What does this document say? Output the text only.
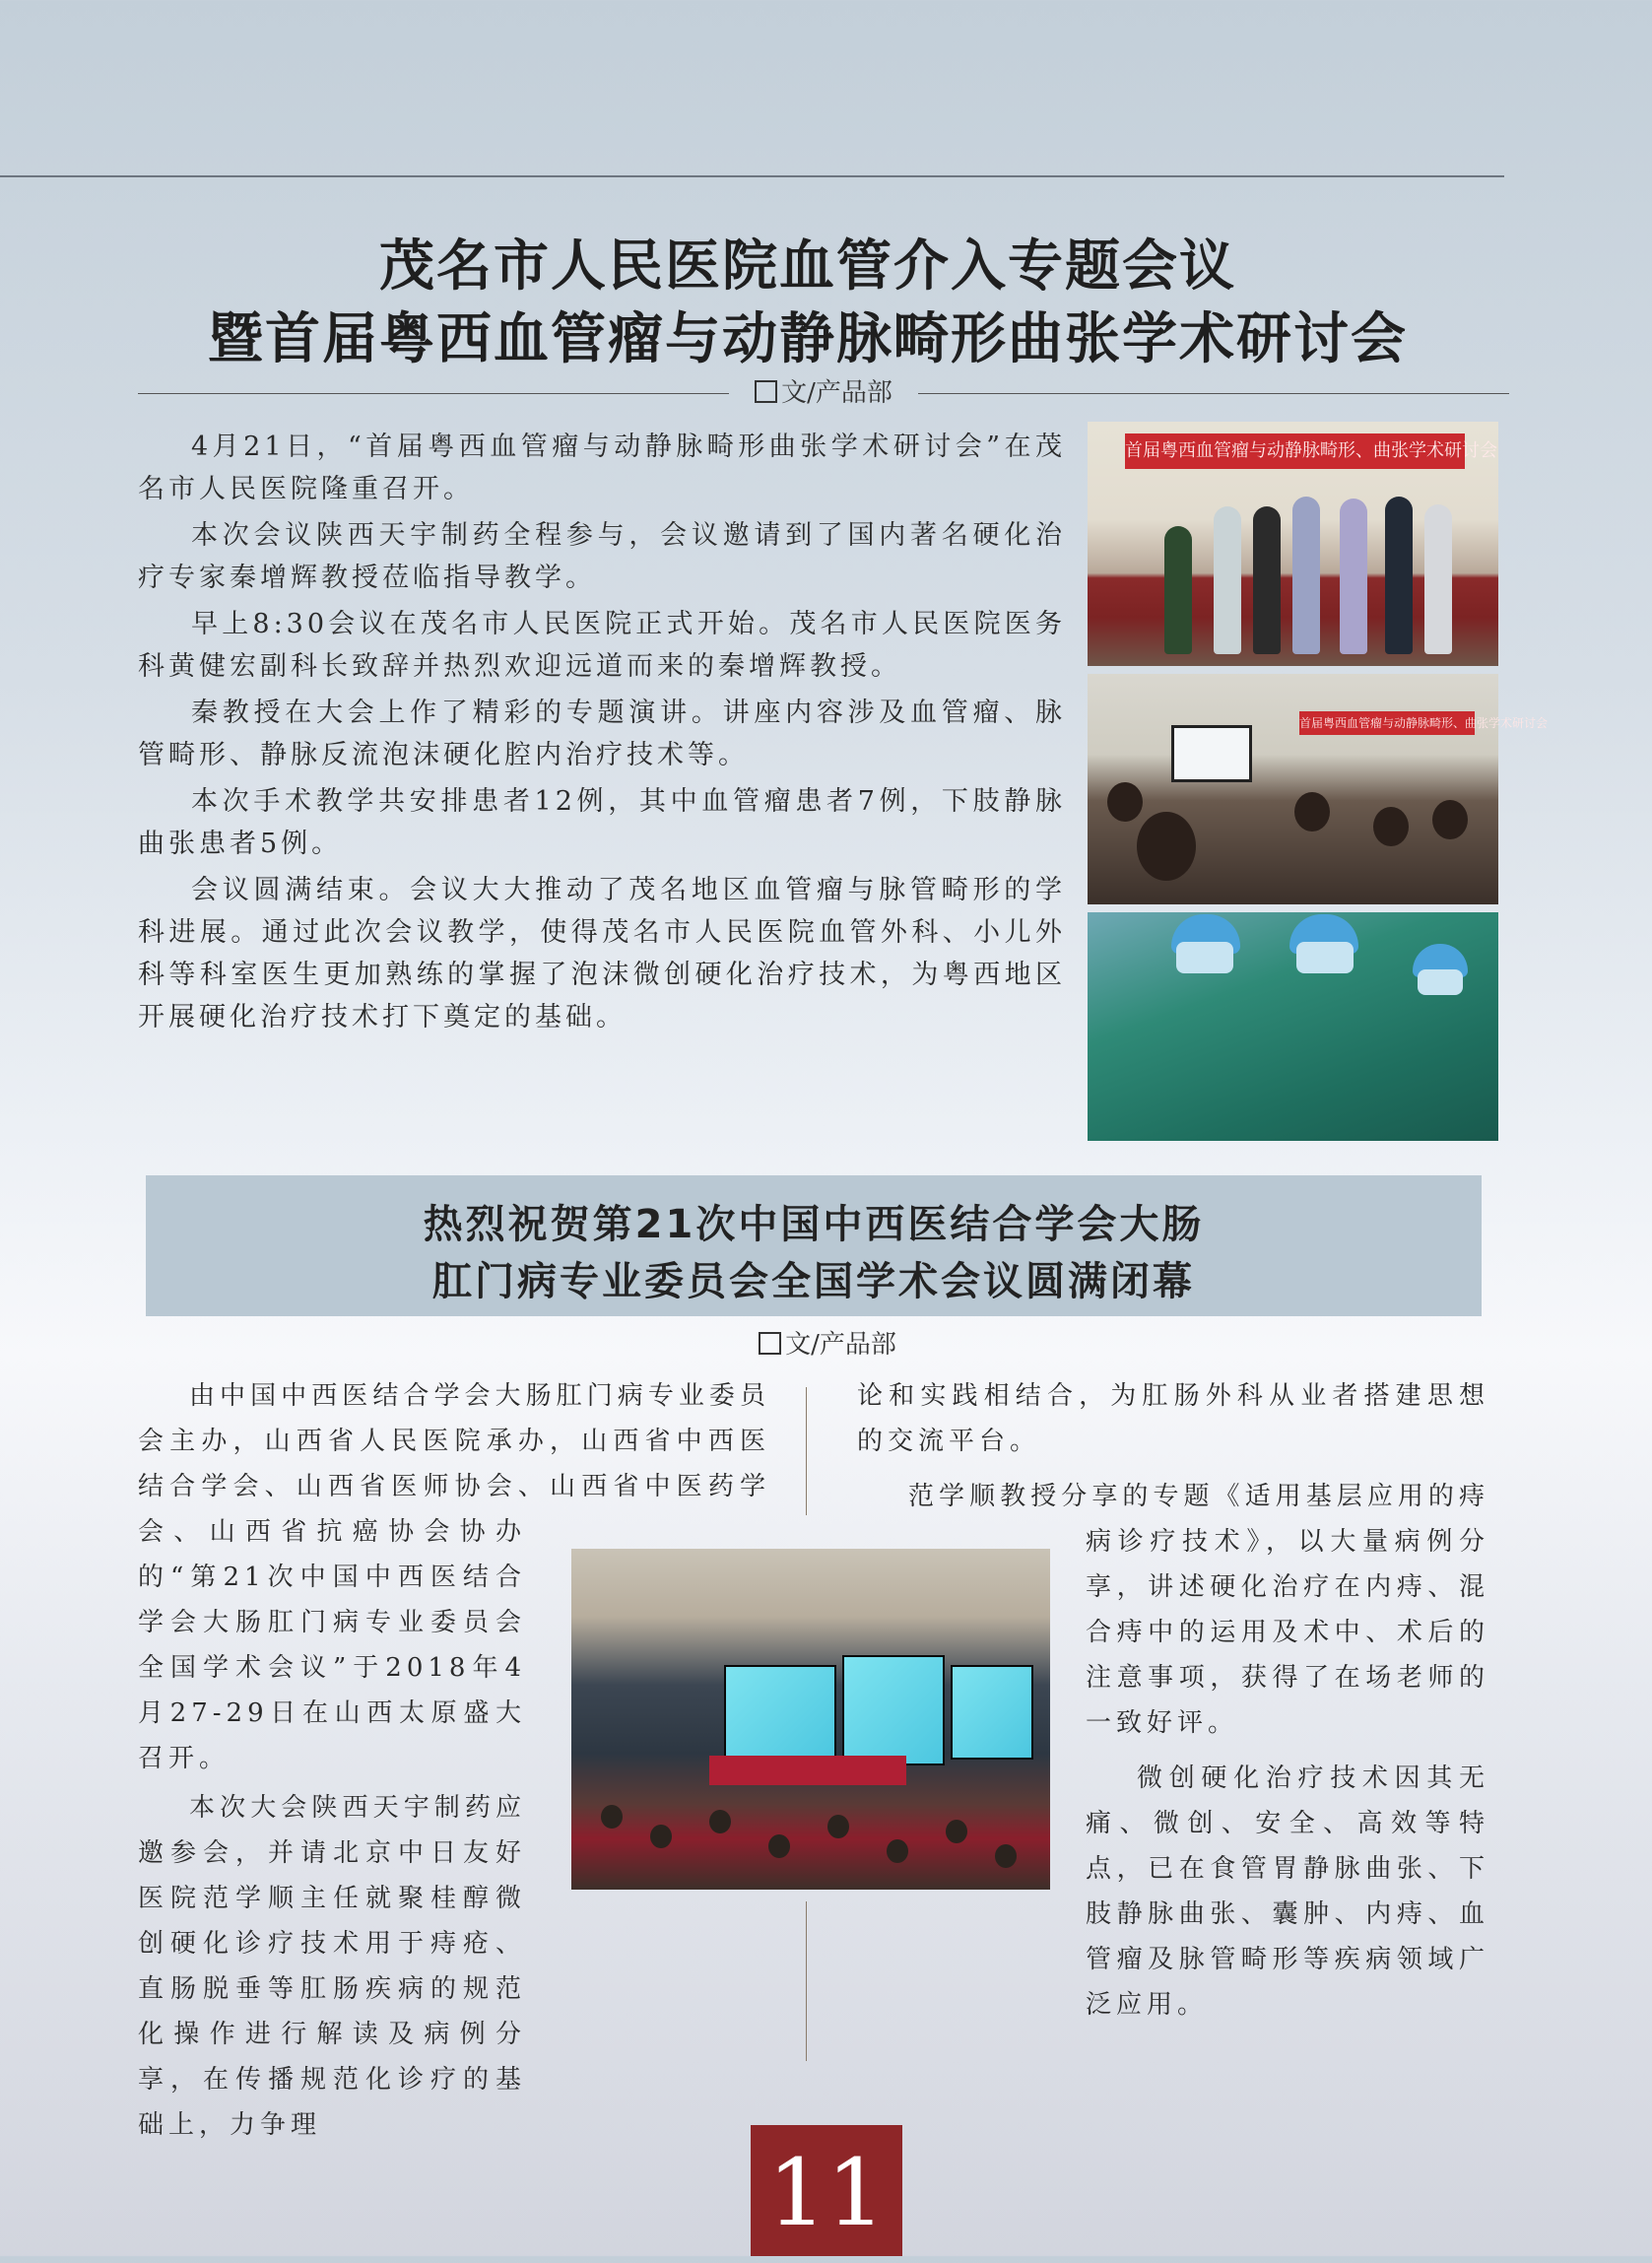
茂名市人民医院血管介入专题会议
暨首届粤西血管瘤与动静脉畸形曲张学术研讨会
文/产品部

4月21日，“首届粤西血管瘤与动静脉畸形曲张学术研讨会”在茂名市人民医院隆重召开。

本次会议陕西天宇制药全程参与，会议邀请到了国内著名硬化治疗专家秦增辉教授莅临指导教学。

早上8:30会议在茂名市人民医院正式开始。茂名市人民医院医务科黄健宏副科长致辞并热烈欢迎远道而来的秦增辉教授。

秦教授在大会上作了精彩的专题演讲。讲座内容涉及血管瘤、脉管畸形、静脉反流泡沫硬化腔内治疗技术等。

本次手术教学共安排患者12例，其中血管瘤患者7例，下肢静脉曲张患者5例。

会议圆满结束。会议大大推动了茂名地区血管瘤与脉管畸形的学科进展。通过此次会议教学，使得茂名市人民医院血管外科、小儿外科等科室医生更加熟练的掌握了泡沫微创硬化治疗技术，为粤西地区开展硬化治疗技术打下奠定的基础。

首届粤西血管瘤与动静脉畸形、曲张学术研讨会
首届粤西血管瘤与动静脉畸形、曲张学术研讨会
热烈祝贺第21次中国中西医结合学会大肠
肛门病专业委员会全国学术会议圆满闭幕
文/产品部

由中国中西医结合学会大肠肛门病专业委员会主办，山西省人民医院承办，山西省中西医结合学会、山西省医师协会、山西省中医药学会、山西省抗癌协会协办的“第21次中国中西医结合学会大肠肛门病专业委员会全国学术会议”于2018年4月27-29日在山西太原盛大召开。

本次大会陕西天宇制药应邀参会，并请北京中日友好医院范学顺主任就聚桂醇微创硬化诊疗技术用于痔疮、直肠脱垂等肛肠疾病的规范化操作进行解读及病例分享，在传播规范化诊疗的基础上，力争理

论和实践相结合，为肛肠外科从业者搭建思想的交流平台。

范学顺教授分享的专题《适用基层应用的痔病诊疗技术》，以大量病例分享，讲述硬化治疗在内痔、混合痔中的运用及术中、术后的注意事项，获得了在场老师的一致好评。

微创硬化治疗技术因其无痛、微创、安全、高效等特点，已在食管胃静脉曲张、下肢静脉曲张、囊肿、内痔、血管瘤及脉管畸形等疾病领域广泛应用。

11
